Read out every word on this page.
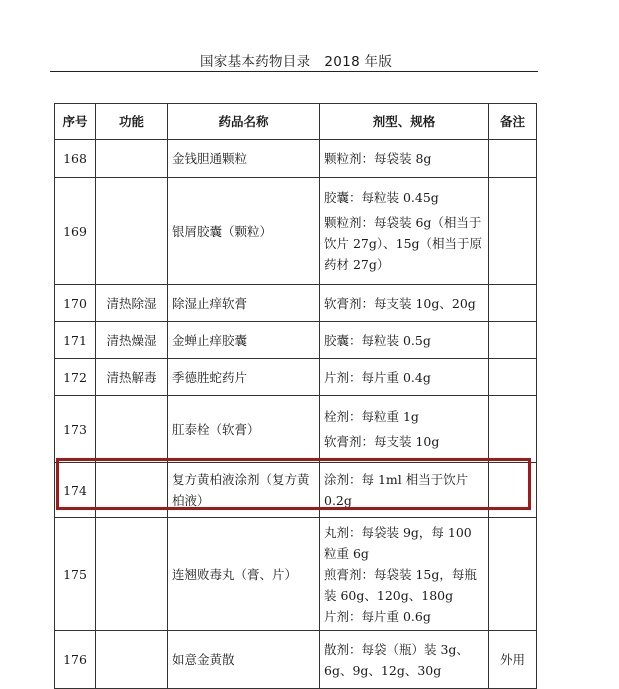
国家基本药物目录 2018 年版
序号	功能	药品名称	剂型、规格	备注
168		金钱胆通颗粒	颗粒剂：每袋装 8g	

169		银屑胶囊（颗粒）	胶囊：每粒装 0.45g
颗粒剂：每袋装 6g（相当于饮片 27g）、15g（相当于原药材 27g）	

170	清热除湿	除湿止痒软膏	软膏剂：每支装 10g、20g	

171	清热燥湿	金蝉止痒胶囊	胶囊：每粒装 0.5g	

172	清热解毒	季德胜蛇药片	片剂：每片重 0.4g	

173		肛泰栓（软膏）	栓剂：每粒重 1g
软膏剂：每支装 10g	

174		复方黄柏液涂剂（复方黄柏液）	涂剂：每 1ml 相当于饮片 0.2g	

175		连翘败毒丸（膏、片）	丸剂：每袋装 9g，每 100 粒重 6g
煎膏剂：每袋装 15g，每瓶装 60g、120g、180g
片剂：每片重 0.6g	

176		如意金黄散	散剂：每袋（瓶）装 3g、6g、9g、12g、30g	外用
